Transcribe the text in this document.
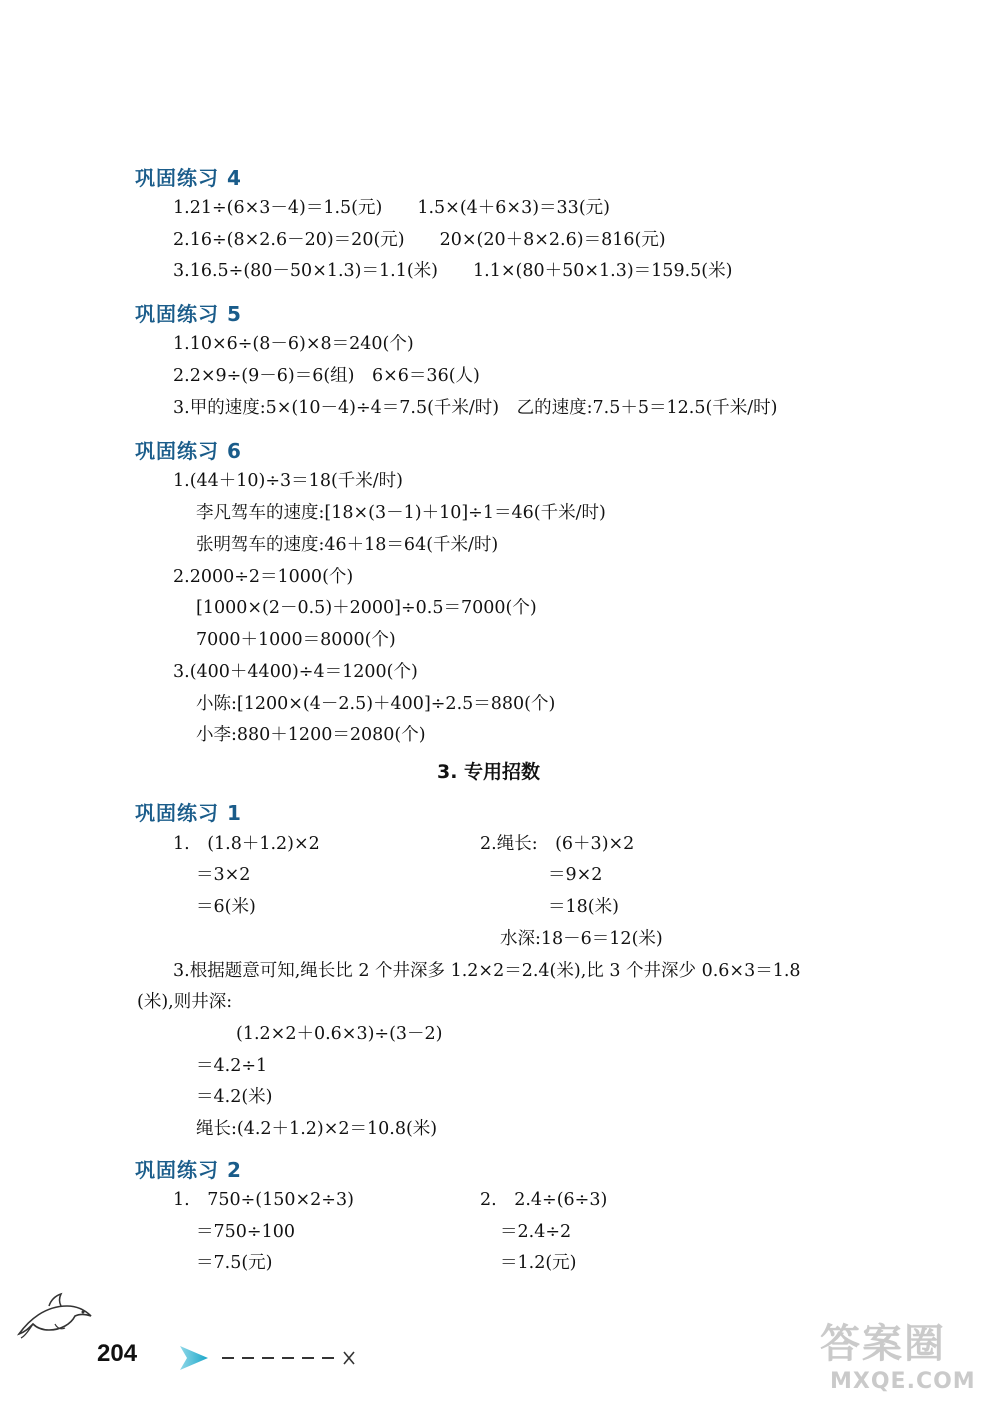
巩固练习 4
1.21÷(6×3－4)＝1.5(元)　　1.5×(4＋6×3)＝33(元)
2.16÷(8×2.6－20)＝20(元)　　20×(20＋8×2.6)＝816(元)
3.16.5÷(80－50×1.3)＝1.1(米)　　1.1×(80＋50×1.3)＝159.5(米)
巩固练习 5
1.10×6÷(8－6)×8＝240(个)
2.2×9÷(9－6)＝6(组)　6×6＝36(人)
3.甲的速度:5×(10－4)÷4＝7.5(千米/时)　乙的速度:7.5＋5＝12.5(千米/时)
巩固练习 6
1.(44＋10)÷3＝18(千米/时)
李凡驾车的速度:[18×(3－1)＋10]÷1＝46(千米/时)
张明驾车的速度:46＋18＝64(千米/时)
2.2000÷2＝1000(个)
[1000×(2－0.5)＋2000]÷0.5＝7000(个)
7000＋1000＝8000(个)
3.(400＋4400)÷4＝1200(个)
小陈:[1200×(4－2.5)＋400]÷2.5＝880(个)
小李:880＋1200＝2080(个)
3. 专用招数
巩固练习 1
1.　(1.8＋1.2)×2
＝3×2
＝6(米)
2.绳长:　(6＋3)×2
＝9×2
＝18(米)
水深:18－6＝12(米)
3.根据题意可知,绳长比 2 个井深多 1.2×2＝2.4(米),比 3 个井深少 0.6×3＝1.8
(米),则井深:
(1.2×2＋0.6×3)÷(3－2)
＝4.2÷1
＝4.2(米)
绳长:(4.2＋1.2)×2＝10.8(米)
巩固练习 2
1.　750÷(150×2÷3)
＝750÷100
＝7.5(元)
2.　2.4÷(6÷3)
＝2.4÷2
＝1.2(元)
204	答案圈
MXQE.COM
